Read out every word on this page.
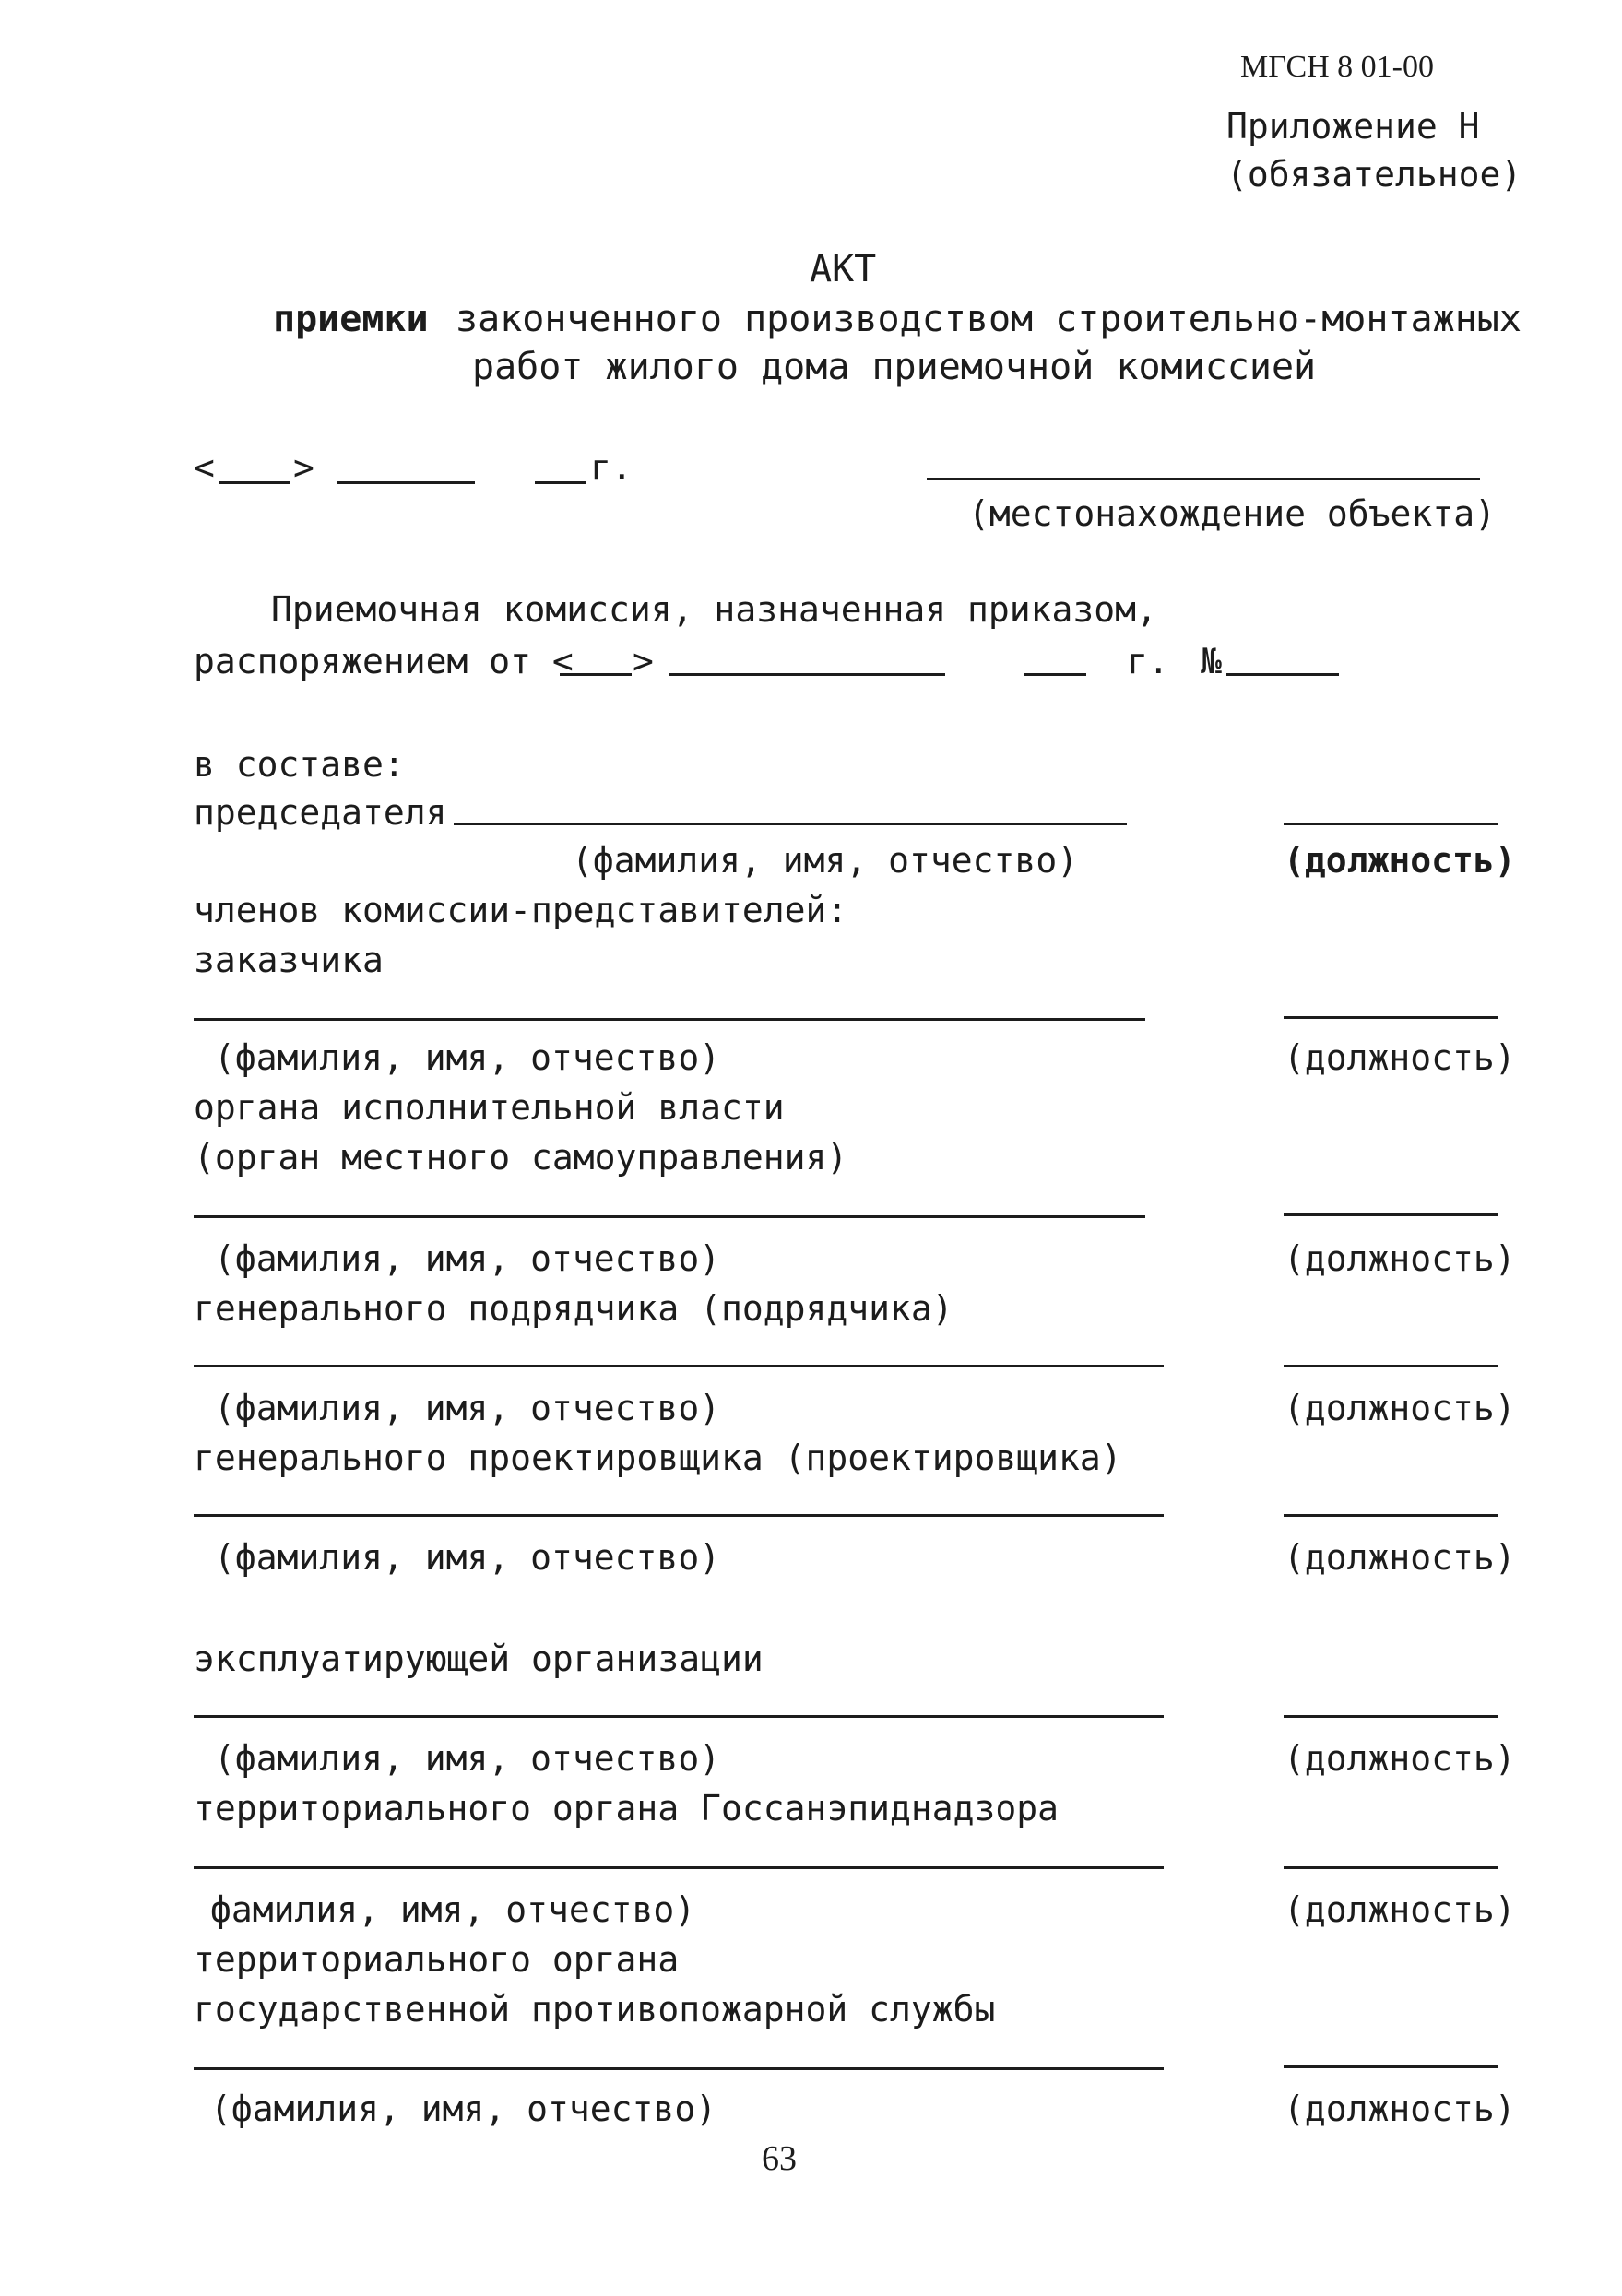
МГСН 8 01-00
Приложение Н
(обязательное)
АКТ
приемки законченного производством строительно-монтажных
работ жилого дома приемочной комиссией
< >	г.
(местонахождение объекта)
Приемочная комиссия, назначенная приказом,
распоряжением от < >	г. №
в составе:
председателя
(фамилия, имя, отчество)	(должность)
членов комиссии-представителей:
заказчика
(фамилия, имя, отчество)	(должность)
органа исполнительной власти
(орган местного самоуправления)
(фамилия, имя, отчество)	(должность)
генерального подрядчика (подрядчика)
(фамилия, имя, отчество)	(должность)
генерального проектировщика (проектировщика)
(фамилия, имя, отчество)	(должность)
эксплуатирующей организации
(фамилия, имя, отчество)	(должность)
территориального органа Госсанэпиднадзора
фамилия, имя, отчество)	(должность)
территориального органа
государственной противопожарной службы
(фамилия, имя, отчество)	(должность)
63
